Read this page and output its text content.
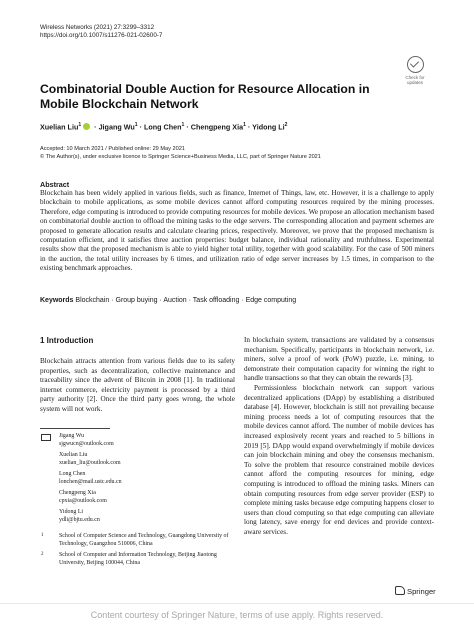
Wireless Networks (2021) 27:3299–3312
https://doi.org/10.1007/s11276-021-02600-7
Check for
updates
Combinatorial Double Auction for Resource Allocation in Mobile Blockchain Network
Xuelian Liu$^1$ · Jigang $Wu^1$ · Long Chen$^1$ · Chengpeng Xia$^1$ · Yidong Li$^2$
Accepted: 10 March 2021 / Published online: 29 May 2021
© The Author(s), under exclusive licence to Springer Science+Business Media, LLC, part of Springer Nature 2021
Abstract
Blockchain has been widely applied in various fields, such as finance, Internet of Things, law, etc. However, it is a challenge to apply blockchain to mobile applications, as some mobile devices cannot afford computing resources required by the mining processes. Therefore, edge computing is introduced to provide computing resources for mobile devices. We propose an allocation mechanism based on combinatorial double auction to offload the mining tasks to the edge servers. The corresponding allocation and payment schemes are proposed to generate allocation results and calculate clearing prices, respectively. Moreover, we prove that the proposed mechanism is computation efficient, and it satisfies three auction properties: budget balance, individual rationality and truthfulness. Experimental results show that the proposed mechanism is able to yield higher total utility, together with good scalability. For the case of 500 miners in the auction, the total utility increases by 6 times, and utilization ratio of edge server increases by 1.5 times, in comparison to the existing benchmark approaches.
Keywords Blockchain · Group buying · Auction · Task offloading · Edge computing
1 Introduction
Blockchain attracts attention from various fields due to its safety properties, such as decentralization, collective maintenance and traceability since the advent of Bitcoin in 2008 [1]. In traditional internet commerce, electricity payment is processed by a third party authority [2]. Once the third party goes wrong, the whole system will not work.

In blockchain system, transactions are validated by a consensus mechanism. Specifically, participants in blockchain network, i.e. miners, solve a proof of work (PoW) puzzle, i.e. mining, to demonstrate their computation capacity for winning the right to handle transactions so that they can obtain the rewards [3].

Permissionless blockchain network can support various decentralized applications (DApp) by establishing a distributed database [4]. However, blockchain is still not prevailing because mining process needs a lot of computing resources that the mobile devices cannot afford. The number of mobile devices has increased explosively recent years and reached to 5 billions in 2019 [5]. DApp would expand overwhelmingly if mobile devices can join blockchain mining and obey the consensus mechanism. To solve the problem that resource constrained mobile devices cannot afford the computing resources for mining, edge computing is introduced to offload the mining tasks. Miners can obtain computing resources from edge server provider (ESP) to complete mining tasks because edge computing happens closer to users than cloud computing so that edge computing can alleviate long latency, save energy for end devices and provide context-aware services.

Jigang Wu
sjgwucn@outlook.com
Xuelian Liu
xuelian_liu@outlook.com
Long Chen
lonchen@mail.ustc.edu.cn
Chengpeng Xia
cpxia@outlook.com
Yidong Li
ydli@bjtu.edu.cn
1	School of Computer Science and Technology, Guangdong University of Technology, Guangzhou 510006, China
2	School of Computer and Information Technology, Beijing Jiaotong University, Beijing 100044, China
Springer
Content courtesy of Springer Nature, terms of use apply. Rights reserved.
